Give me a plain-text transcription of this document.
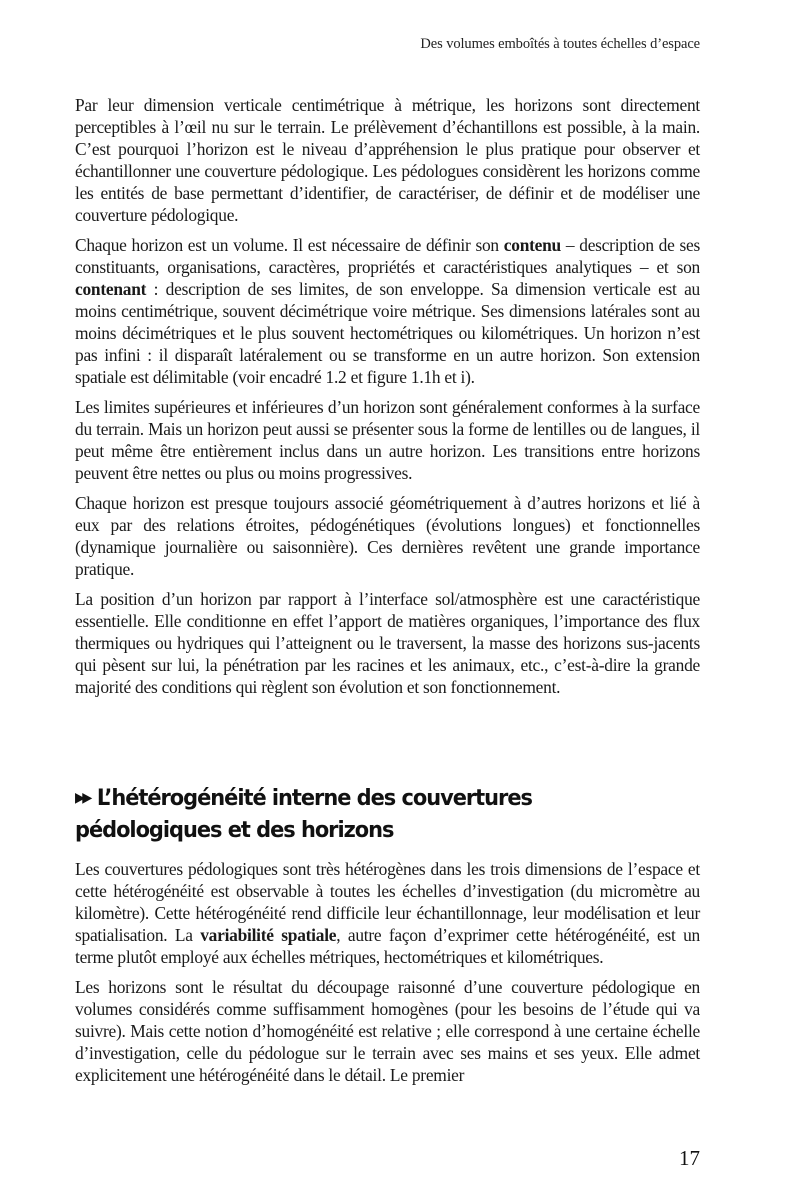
Des volumes emboîtés à toutes échelles d’espace

Par leur dimension verticale centimétrique à métrique, les horizons sont directement perceptibles à l’œil nu sur le terrain. Le prélèvement d’échantillons est possible, à la main. C’est pourquoi l’horizon est le niveau d’appréhension le plus pratique pour observer et échantillonner une couverture pédologique. Les pédologues considèrent les horizons comme les entités de base permettant d’identifier, de caractériser, de définir et de modéliser une couverture pédologique.

Chaque horizon est un volume. Il est nécessaire de définir son contenu – description de ses constituants, organisations, caractères, propriétés et caractéristiques analytiques – et son contenant : description de ses limites, de son enveloppe. Sa dimension verticale est au moins centimétrique, souvent décimétrique voire métrique. Ses dimensions latérales sont au moins décimétriques et le plus souvent hectométriques ou kilométriques. Un horizon n’est pas infini : il disparaît latéralement ou se transforme en un autre horizon. Son extension spatiale est délimitable (voir encadré 1.2 et figure 1.1h et i).

Les limites supérieures et inférieures d’un horizon sont généralement conformes à la surface du terrain. Mais un horizon peut aussi se présenter sous la forme de lentilles ou de langues, il peut même être entièrement inclus dans un autre horizon. Les transitions entre horizons peuvent être nettes ou plus ou moins progressives.

Chaque horizon est presque toujours associé géométriquement à d’autres horizons et lié à eux par des relations étroites, pédogénétiques (évolutions longues) et fonctionnelles (dynamique journalière ou saisonnière). Ces dernières revêtent une grande importance pratique.

La position d’un horizon par rapport à l’interface sol/atmosphère est une caractéristique essentielle. Elle conditionne en effet l’apport de matières organiques, l’importance des flux thermiques ou hydriques qui l’atteignent ou le traversent, la masse des horizons sus-jacents qui pèsent sur lui, la pénétration par les racines et les animaux, etc., c’est-à-dire la grande majorité des conditions qui règlent son évolution et son fonctionnement.

▶▶ L’hétérogénéité interne des couvertures pédologiques et des horizons

Les couvertures pédologiques sont très hétérogènes dans les trois dimensions de l’espace et cette hétérogénéité est observable à toutes les échelles d’investigation (du micromètre au kilomètre). Cette hétérogénéité rend difficile leur échantillonnage, leur modélisation et leur spatialisation. La variabilité spatiale, autre façon d’exprimer cette hétérogénéité, est un terme plutôt employé aux échelles métriques, hectométriques et kilométriques.

Les horizons sont le résultat du découpage raisonné d’une couverture pédologique en volumes considérés comme suffisamment homogènes (pour les besoins de l’étude qui va suivre). Mais cette notion d’homogénéité est relative ; elle correspond à une certaine échelle d’investigation, celle du pédologue sur le terrain avec ses mains et ses yeux. Elle admet explicitement une hétérogénéité dans le détail. Le premier

17
